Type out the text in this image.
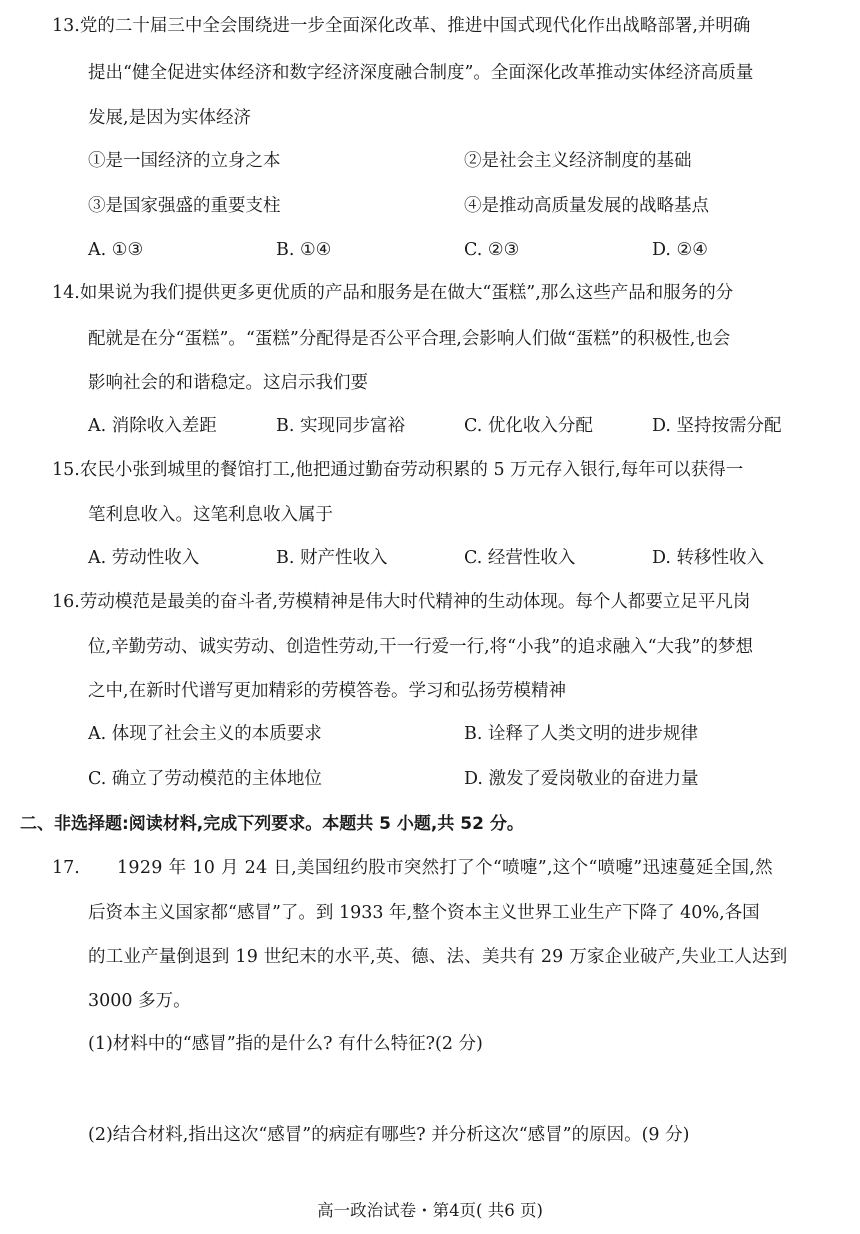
13.党的二十届三中全会围绕进一步全面深化改革、推进中国式现代化作出战略部署,并明确
提出“健全促进实体经济和数字经济深度融合制度”。全面深化改革推动实体经济高质量
发展,是因为实体经济
①是一国经济的立身之本	②是社会主义经济制度的基础
③是国家强盛的重要支柱	④是推动高质量发展的战略基点
A. ①③	B. ①④	C. ②③	D. ②④
14.如果说为我们提供更多更优质的产品和服务是在做大“蛋糕”,那么这些产品和服务的分
配就是在分“蛋糕”。“蛋糕”分配得是否公平合理,会影响人们做“蛋糕”的积极性,也会
影响社会的和谐稳定。这启示我们要
A. 消除收入差距	B. 实现同步富裕	C. 优化收入分配	D. 坚持按需分配
15.农民小张到城里的餐馆打工,他把通过勤奋劳动积累的 5 万元存入银行,每年可以获得一
笔利息收入。这笔利息收入属于
A. 劳动性收入	B. 财产性收入	C. 经营性收入	D. 转移性收入
16.劳动模范是最美的奋斗者,劳模精神是伟大时代精神的生动体现。每个人都要立足平凡岗
位,辛勤劳动、诚实劳动、创造性劳动,干一行爱一行,将“小我”的追求融入“大我”的梦想
之中,在新时代谱写更加精彩的劳模答卷。学习和弘扬劳模精神
A. 体现了社会主义的本质要求	B. 诠释了人类文明的进步规律
C. 确立了劳动模范的主体地位	D. 激发了爱岗敬业的奋进力量
二、非选择题:阅读材料,完成下列要求。本题共 5 小题,共 52 分。
17. 1929 年 10 月 24 日,美国纽约股市突然打了个“喷嚏”,这个“喷嚏”迅速蔓延全国,然
后资本主义国家都“感冒”了。到 1933 年,整个资本主义世界工业生产下降了 40%,各国
的工业产量倒退到 19 世纪末的水平,英、德、法、美共有 29 万家企业破产,失业工人达到
3000 多万。
(1)材料中的“感冒”指的是什么? 有什么特征?(2 分)
(2)结合材料,指出这次“感冒”的病症有哪些? 并分析这次“感冒”的原因。(9 分)
高一政治试卷・第4页( 共6 页)
